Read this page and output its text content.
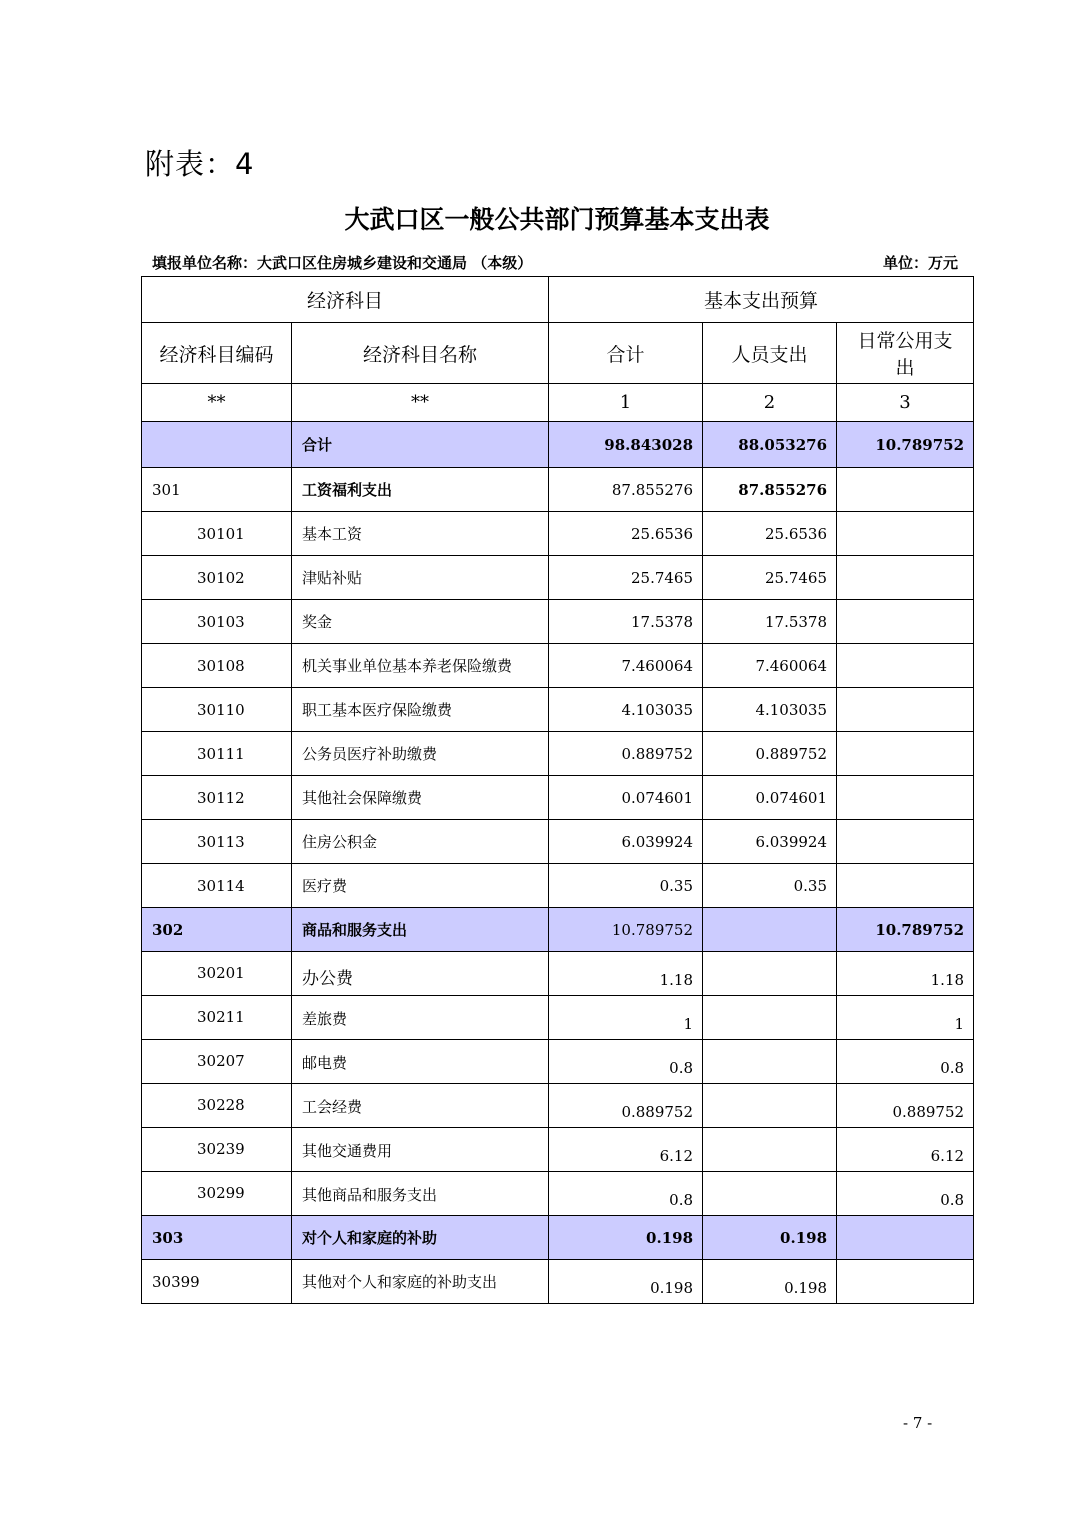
附表：4
大武口区一般公共部门预算基本支出表
填报单位名称：大武口区住房城乡建设和交通局 （本级）	单位：万元
经济科目		基本支出预算		
经济科目编码	经济科目名称	合计	人员支出	日常公用支出
**	**	1	2	3
	合计	98.843028	88.053276	10.789752
301	工资福利支出	87.855276	87.855276	
30101	基本工资	25.6536	25.6536	
30102	津贴补贴	25.7465	25.7465	
30103	奖金	17.5378	17.5378	
30108	机关事业单位基本养老保险缴费	7.460064	7.460064	
30110	职工基本医疗保险缴费	4.103035	4.103035	
30111	公务员医疗补助缴费	0.889752	0.889752	
30112	其他社会保障缴费	0.074601	0.074601	
30113	住房公积金	6.039924	6.039924	
30114	医疗费	0.35	0.35	
302	商品和服务支出	10.789752		10.789752
30201	办公费	1.18		1.18
30211	差旅费	1		1
30207	邮电费	0.8		0.8
30228	工会经费	0.889752		0.889752
30239	其他交通费用	6.12		6.12
30299	其他商品和服务支出	0.8		0.8
303	对个人和家庭的补助	0.198	0.198	
30399	其他对个人和家庭的补助支出	0.198	0.198	
- 7 -
